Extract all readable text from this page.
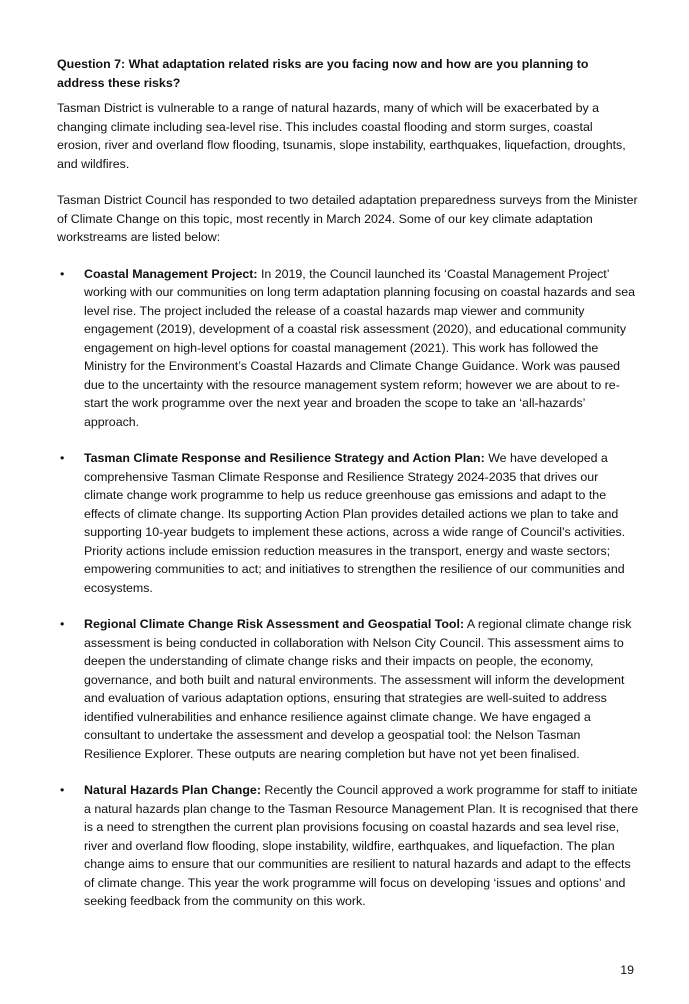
Question 7: What adaptation related risks are you facing now and how are you planning to address these risks?

Tasman District is vulnerable to a range of natural hazards, many of which will be exacerbated by a changing climate including sea-level rise. This includes coastal flooding and storm surges, coastal erosion, river and overland flow flooding, tsunamis, slope instability, earthquakes, liquefaction, droughts, and wildfires.

Tasman District Council has responded to two detailed adaptation preparedness surveys from the Minister of Climate Change on this topic, most recently in March 2024. Some of our key climate adaptation workstreams are listed below:

• Coastal Management Project: In 2019, the Council launched its ‘Coastal Management Project’ working with our communities on long term adaptation planning focusing on coastal hazards and sea level rise. The project included the release of a coastal hazards map viewer and community engagement (2019), development of a coastal risk assessment (2020), and educational community engagement on high-level options for coastal management (2021). This work has followed the Ministry for the Environment’s Coastal Hazards and Climate Change Guidance. Work was paused due to the uncertainty with the resource management system reform; however we are about to re-start the work programme over the next year and broaden the scope to take an ‘all-hazards’ approach.
• Tasman Climate Response and Resilience Strategy and Action Plan: We have developed a comprehensive Tasman Climate Response and Resilience Strategy 2024-2035 that drives our climate change work programme to help us reduce greenhouse gas emissions and adapt to the effects of climate change. Its supporting Action Plan provides detailed actions we plan to take and supporting 10-year budgets to implement these actions, across a wide range of Council’s activities. Priority actions include emission reduction measures in the transport, energy and waste sectors; empowering communities to act; and initiatives to strengthen the resilience of our communities and ecosystems.
• Regional Climate Change Risk Assessment and Geospatial Tool: A regional climate change risk assessment is being conducted in collaboration with Nelson City Council. This assessment aims to deepen the understanding of climate change risks and their impacts on people, the economy, governance, and both built and natural environments. The assessment will inform the development and evaluation of various adaptation options, ensuring that strategies are well-suited to address identified vulnerabilities and enhance resilience against climate change. We have engaged a consultant to undertake the assessment and develop a geospatial tool: the Nelson Tasman Resilience Explorer. These outputs are nearing completion but have not yet been finalised.
• Natural Hazards Plan Change: Recently the Council approved a work programme for staff to initiate a natural hazards plan change to the Tasman Resource Management Plan. It is recognised that there is a need to strengthen the current plan provisions focusing on coastal hazards and sea level rise, river and overland flow flooding, slope instability, wildfire, earthquakes, and liquefaction. The plan change aims to ensure that our communities are resilient to natural hazards and adapt to the effects of climate change. This year the work programme will focus on developing ‘issues and options’ and seeking feedback from the community on this work.
19
